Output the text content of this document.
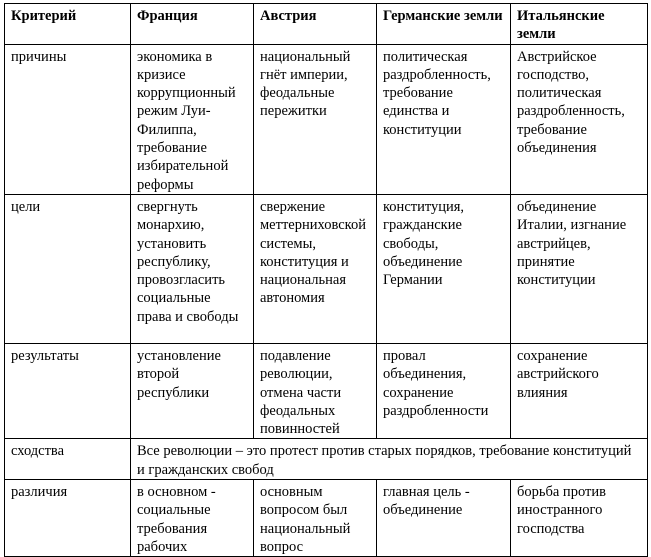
Критерий	Франция	Австрия	Германские земли	Итальянские земли
причины	экономика в кризисе коррупционный режим Луи-Филиппа, требование избирательной реформы	национальный гнёт империи, феодальные пережитки	политическая раздробленность, требование единства и конституции	Австрийское господство, политическая раздробленность, требование объединения
цели	свергнуть монархию, установить республику, провозгласить социальные права и свободы	свержение меттерниховской системы, конституция и национальная автономия	конституция, гражданские свободы, объединение Германии	объединение Италии, изгнание австрийцев, принятие конституции
результаты	установление второй республики	подавление революции, отмена части феодальных повинностей	провал объединения, сохранение раздробленности	сохранение австрийского влияния
сходства	Все революции – это протест против старых порядков, требование конституций и гражданских свобод			
различия	в основном - социальные требования рабочих	основным вопросом был национальный вопрос	главная цель - объединение	борьба против иностранного господства
